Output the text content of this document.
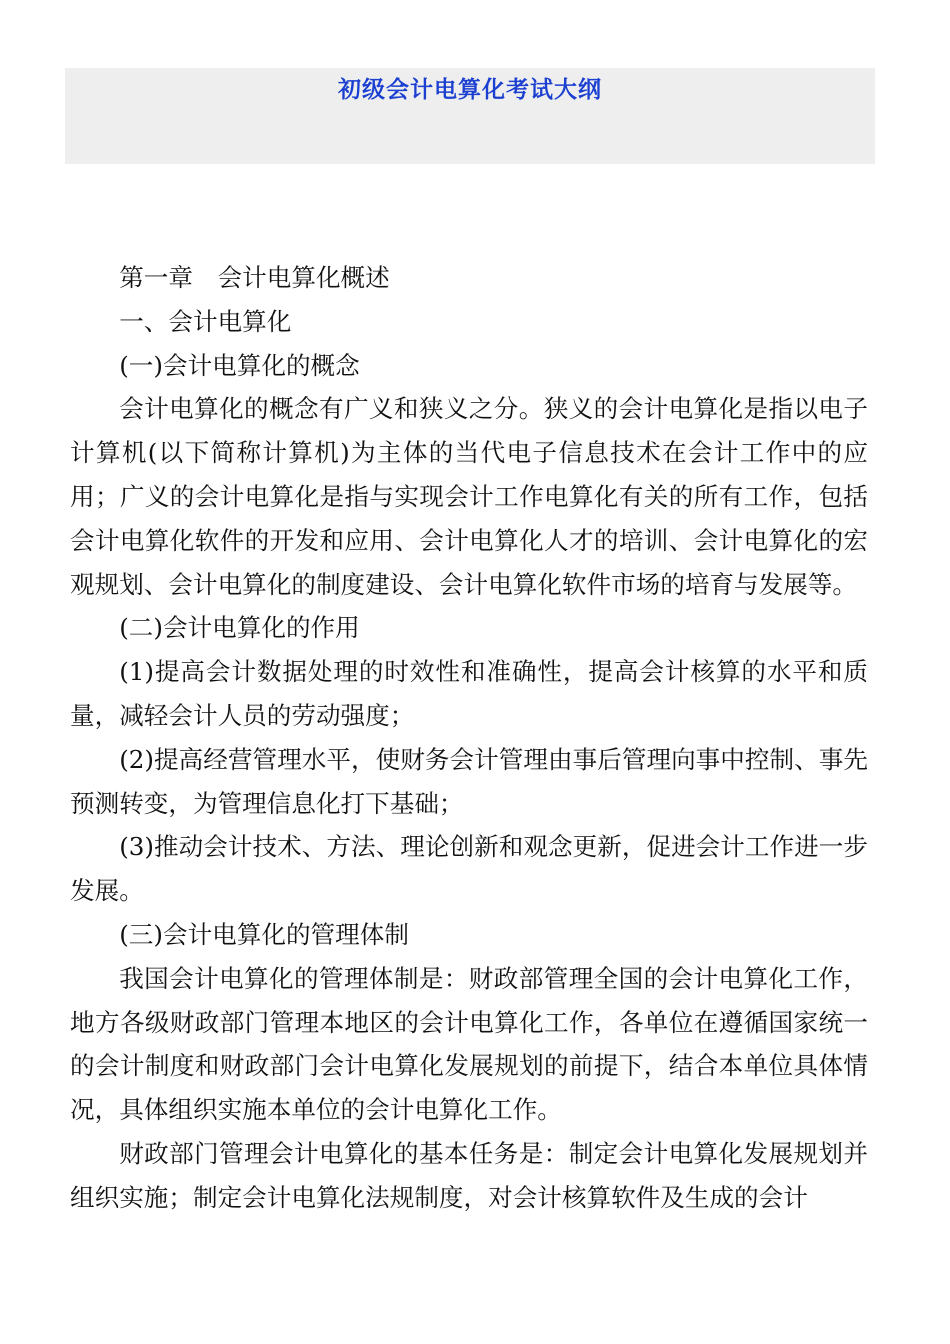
初级会计电算化考试大纲

第一章　会计电算化概述

一、会计电算化

(一)会计电算化的概念

会计电算化的概念有广义和狭义之分。狭义的会计电算化是指以电子计算机(以下简称计算机)为主体的当代电子信息技术在会计工作中的应用；广义的会计电算化是指与实现会计工作电算化有关的所有工作，包括会计电算化软件的开发和应用、会计电算化人才的培训、会计电算化的宏观规划、会计电算化的制度建设、会计电算化软件市场的培育与发展等。

(二)会计电算化的作用

(1)提高会计数据处理的时效性和准确性，提高会计核算的水平和质量，减轻会计人员的劳动强度；

(2)提高经营管理水平，使财务会计管理由事后管理向事中控制、事先预测转变，为管理信息化打下基础；

(3)推动会计技术、方法、理论创新和观念更新，促进会计工作进一步发展。

(三)会计电算化的管理体制

我国会计电算化的管理体制是：财政部管理全国的会计电算化工作，地方各级财政部门管理本地区的会计电算化工作，各单位在遵循国家统一的会计制度和财政部门会计电算化发展规划的前提下，结合本单位具体情况，具体组织实施本单位的会计电算化工作。

财政部门管理会计电算化的基本任务是：制定会计电算化发展规划并组织实施；制定会计电算化法规制度，对会计核算软件及生成的会计
